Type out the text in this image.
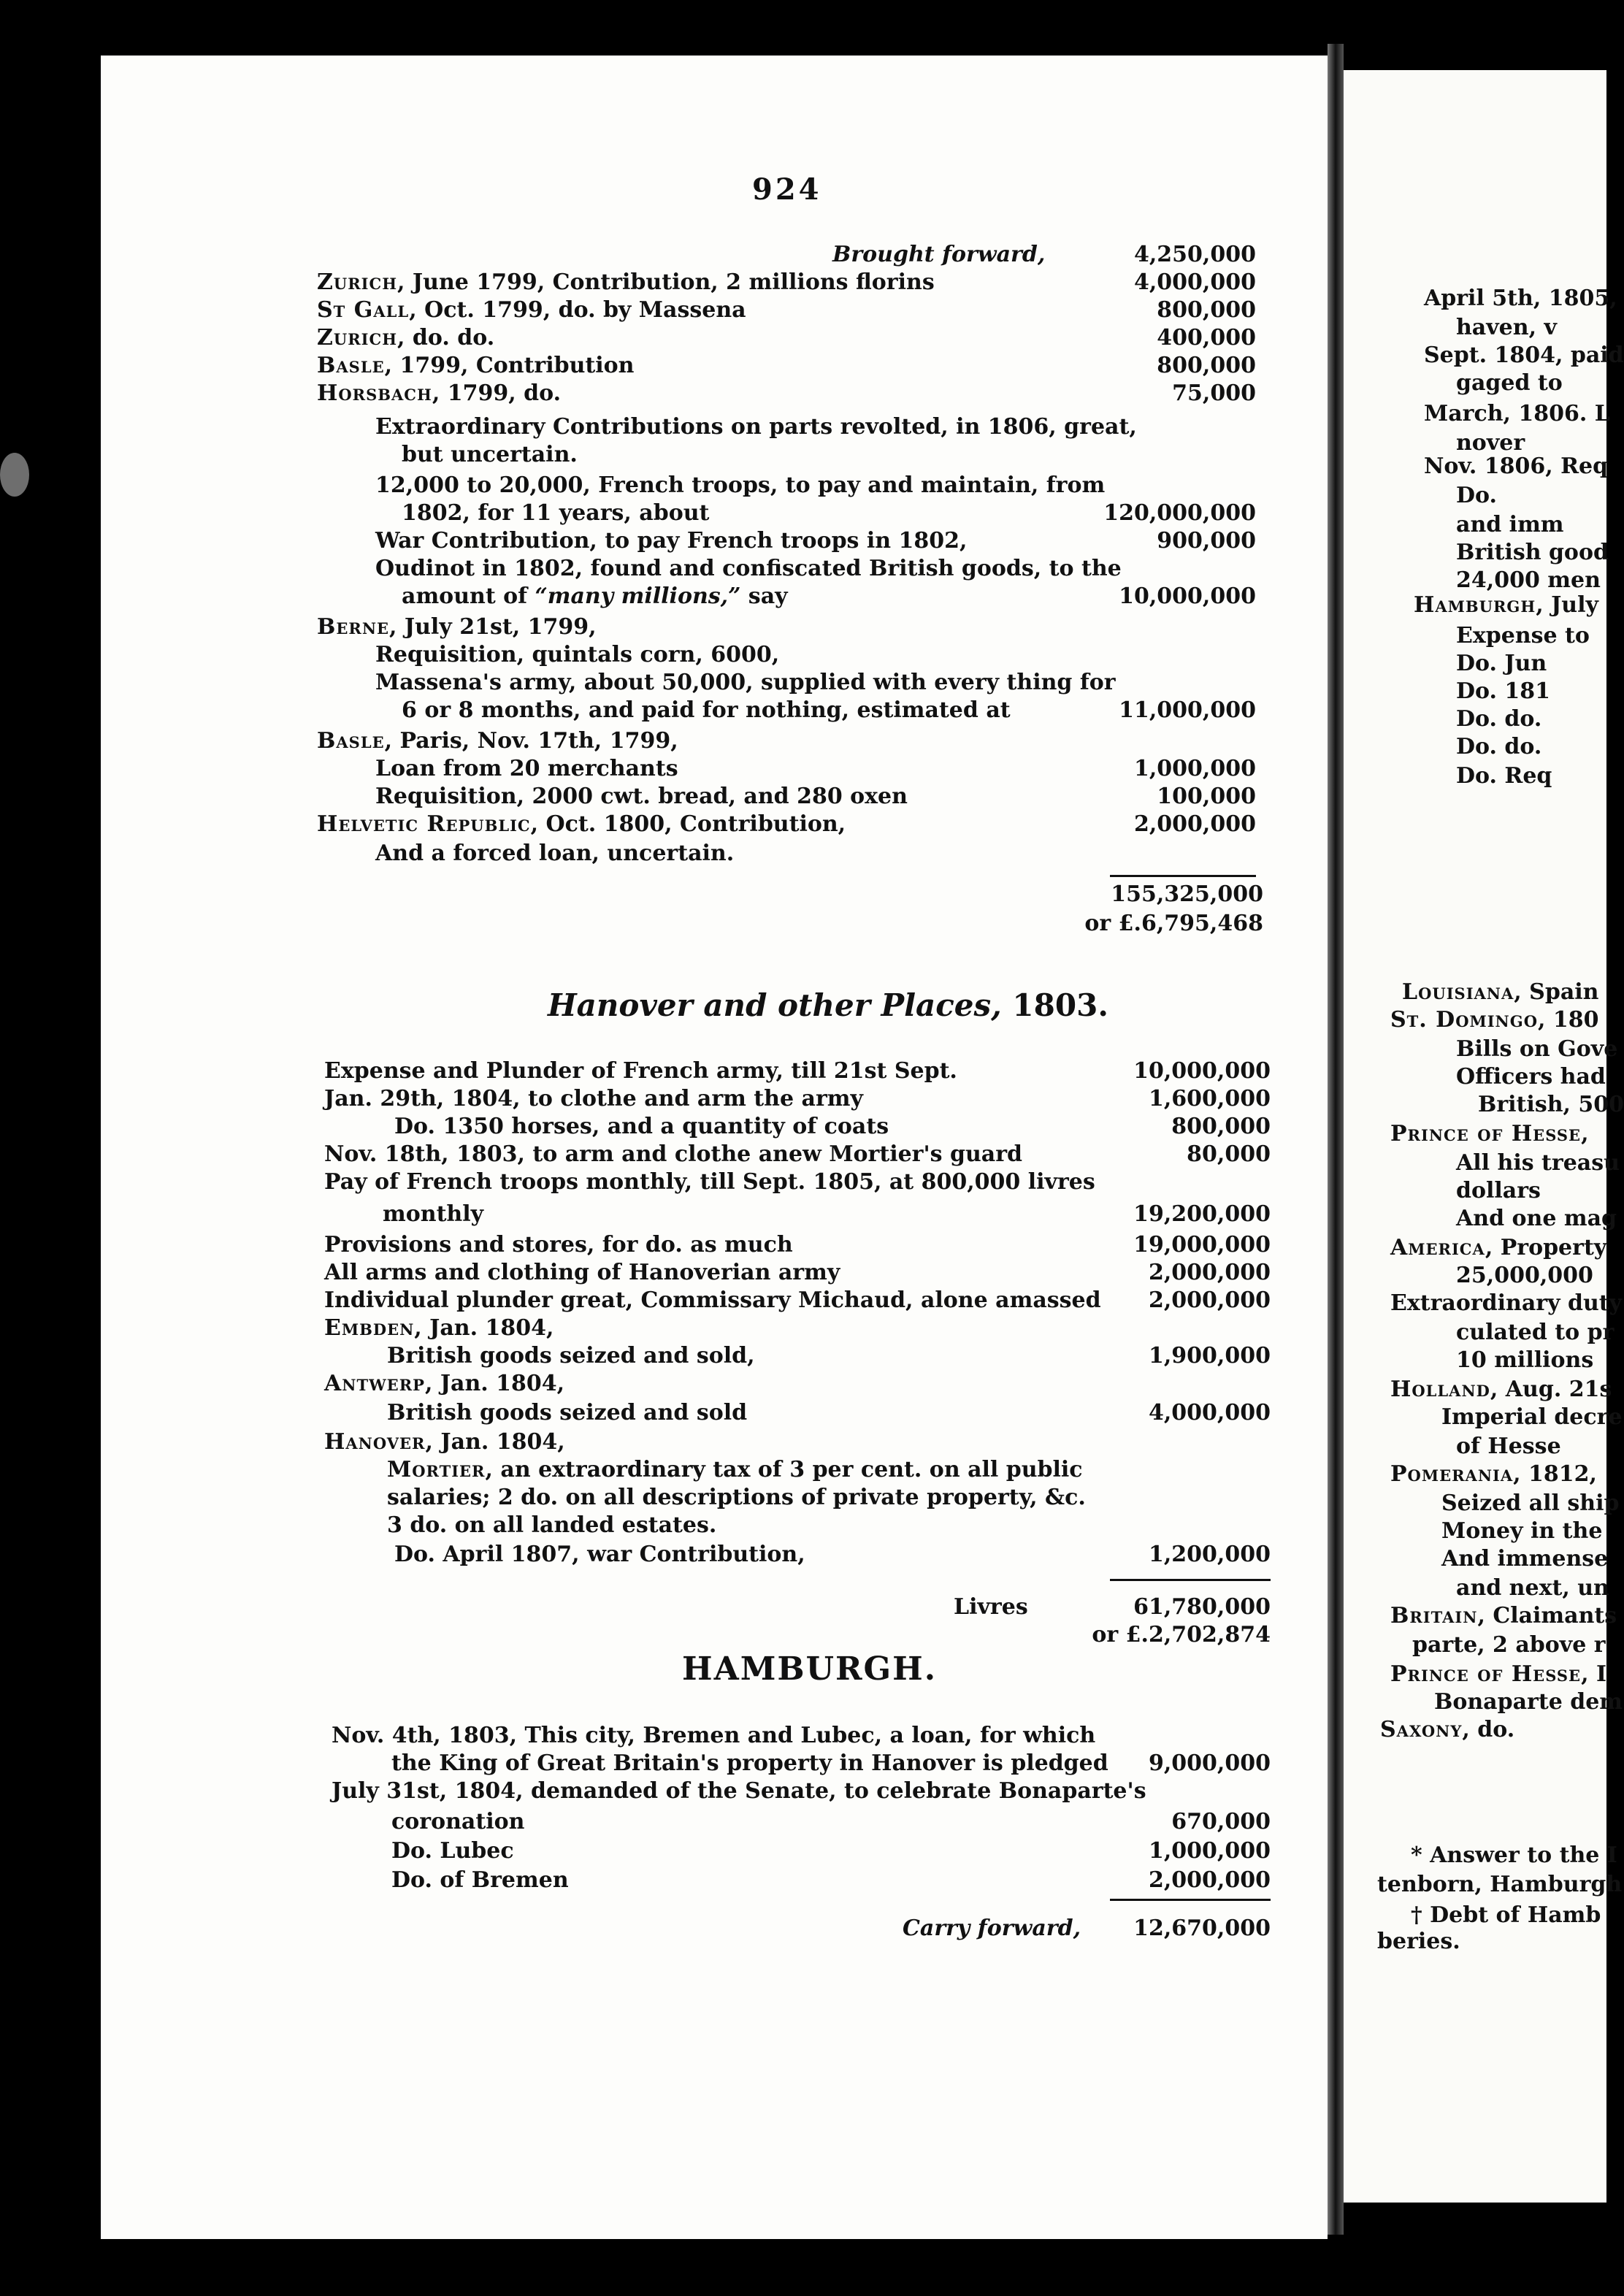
924
Brought forward,	4,250,000
Zurich, June 1799, Contribution, 2 millions florins	4,000,000
St Gall, Oct. 1799, do. by Massena	800,000
Zurich, do. do.	400,000
Basle, 1799, Contribution	800,000
Horsbach, 1799, do.	75,000
Extraordinary Contributions on parts revolted, in 1806, great,
but uncertain.
12,000 to 20,000, French troops, to pay and maintain, from
1802, for 11 years, about	120,000,000
War Contribution, to pay French troops in 1802,	900,000
Oudinot in 1802, found and confiscated British goods, to the
amount of “many millions,” say	10,000,000
Berne, July 21st, 1799,
Requisition, quintals corn, 6000,
Massena's army, about 50,000, supplied with every thing for
6 or 8 months, and paid for nothing, estimated at	11,000,000
Basle, Paris, Nov. 17th, 1799,
Loan from 20 merchants	1,000,000
Requisition, 2000 cwt. bread, and 280 oxen	100,000
Helvetic Republic, Oct. 1800, Contribution,	2,000,000
And a forced loan, uncertain.
155,325,000
or £.6,795,468
Hanover and other Places, 1803.
Expense and Plunder of French army, till 21st Sept.	10,000,000
Jan. 29th, 1804, to clothe and arm the army	1,600,000
Do. 1350 horses, and a quantity of coats	800,000
Nov. 18th, 1803, to arm and clothe anew Mortier's guard	80,000
Pay of French troops monthly, till Sept. 1805, at 800,000 livres
monthly	19,200,000
Provisions and stores, for do. as much	19,000,000
All arms and clothing of Hanoverian army	2,000,000
Individual plunder great, Commissary Michaud, alone amassed	2,000,000
Embden, Jan. 1804,
British goods seized and sold,	1,900,000
Antwerp, Jan. 1804,
British goods seized and sold	4,000,000
Hanover, Jan. 1804,
Mortier, an extraordinary tax of 3 per cent. on all public
salaries; 2 do. on all descriptions of private property, &c.
3 do. on all landed estates.
Do. April 1807, war Contribution,	1,200,000
Livres	61,780,000
or £.2,702,874
HAMBURGH.
Nov. 4th, 1803, This city, Bremen and Lubec, a loan, for which
the King of Great Britain's property in Hanover is pledged	9,000,000
July 31st, 1804, demanded of the Senate, to celebrate Bonaparte's
coronation	670,000
Do. Lubec	1,000,000
Do. of Bremen	2,000,000
Carry forward,	12,670,000
April 5th, 1805,
haven, v
Sept. 1804, paid
gaged to
March, 1806. L
nover
Nov. 1806, Req
Do.
and imm
British good
24,000 men
Hamburgh, July
Expense to
Do. Jun
Do. 181
Do. do.
Do. do.
Do. Req
Louisiana, Spain
St. Domingo, 180
Bills on Gove
Officers had
British, 500
Prince of Hesse,
All his treasu
dollars
And one mag
America, Property
25,000,000
Extraordinary duty
culated to pr
10 millions
Holland, Aug. 21s
Imperial decre
of Hesse
Pomerania, 1812,
Seized all ship
Money in the
And immense
and next, un
Britain, Claimants
parte, 2 above r
Prince of Hesse, I
Bonaparte dem
Saxony, do.
* Answer to the I
tenborn, Hamburgh
† Debt of Hamb
beries.
